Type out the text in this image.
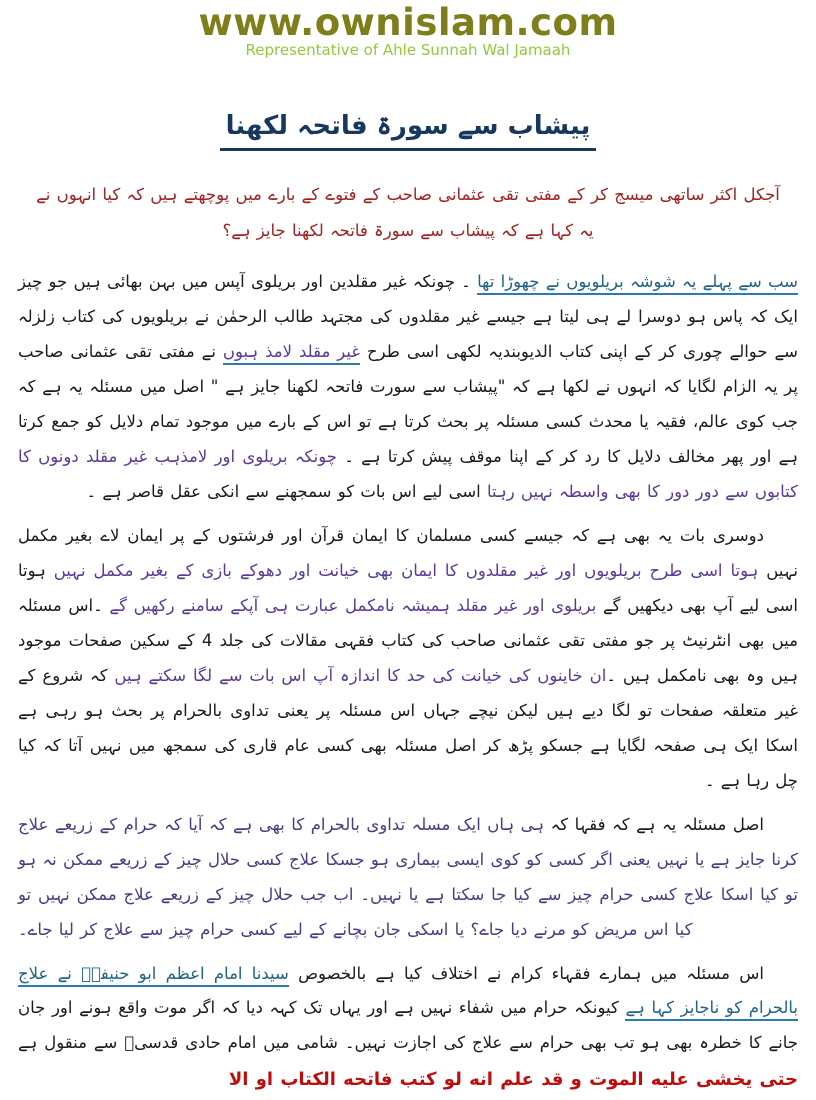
www.ownislam.com
Representative of Ahle Sunnah Wal Jamaah
پیشاب سے سورۃ فاتحہ لکھنا

آجکل اکثر ساتھی میسج کر کے مفتی تقی عثمانی صاحب کے فتوے کے بارے میں پوچھتے ہیں کہ کیا انہوں نے یہ کہا ہے کہ پیشاب سے سورۃ فاتحہ لکھنا جایز ہے؟

سب سے پہلے یہ شوشہ بریلویوں نے چھوڑا تھا ۔ چونکہ غیر مقلدین اور بریلوی آپس میں بہن بھائی ہیں جو چیز ایک کہ پاس ہو دوسرا لے ہی لیتا ہے جیسے غیر مقلدوں کی مجتہد طالب الرحمٰن نے بریلویوں کی کتاب زلزلہ سے حوالے چوری کر کے اپنی کتاب الدیوبندیہ لکھی اسی طرح غیر مقلد لامذ ہبوں نے مفتی تقی عثمانی صاحب پر یہ الزام لگایا کہ انہوں نے لکھا ہے کہ "پیشاب سے سورت فاتحہ لکھنا جایز ہے " اصل میں مسئلہ یہ ہے کہ جب کوی عالم، فقیہ یا محدث کسی مسئلہ پر بحث کرتا ہے تو اس کے بارے میں موجود تمام دلایل کو جمع کرتا ہے اور پھر مخالف دلایل کا رد کر کے اپنا موقف پیش کرتا ہے ۔ چونکہ بریلوی اور لامذہب غیر مقلد دونوں کا کتابوں سے دور دور کا بھی واسطہ نہیں رہتا اسی لیے اس بات کو سمجھنے سے انکی عقل قاصر ہے ۔

دوسری بات یہ بھی ہے کہ جیسے کسی مسلمان کا ایمان قرآن اور فرشتوں کے پر ایمان لاے بغیر مکمل نہیں ہوتا اسی طرح بریلویوں اور غیر مقلدوں کا ایمان بھی خیانت اور دھوکے بازی کے بغیر مکمل نہیں ہوتا اسی لیے آپ بھی دیکھیں گے بریلوی اور غیر مقلد ہمیشہ نامکمل عبارت ہی آپکے سامنے رکھیں گے ۔اس مسئلہ میں بھی انٹرنیٹ پر جو مفتی تقی عثمانی صاحب کی کتاب فقہی مقالات کی جلد 4 کے سکین صفحات موجود ہیں وہ بھی نامکمل ہیں ۔ان خاینوں کی خیانت کی حد کا اندازہ آپ اس بات سے لگا سکتے ہیں کہ شروع کے غیر متعلقہ صفحات تو لگا دیے ہیں لیکن نیچے جہاں اس مسئلہ پر یعنی تداوی بالحرام پر بحث ہو رہی ہے اسکا ایک ہی صفحہ لگایا ہے جسکو پڑھ کر اصل مسئلہ بھی کسی عام قاری کی سمجھ میں نہیں آتا کہ کیا چل رہا ہے ۔

اصل مسئلہ یہ ہے کہ فقہا کہ ہی ہاں ایک مسلہ تداوی بالحرام کا بھی ہے کہ آیا کہ حرام کے زریعے علاج کرنا جایز ہے یا نہیں یعنی اگر کسی کو کوی ایسی بیماری ہو جسکا علاج کسی حلال چیز کے زریعے ممکن نہ ہو تو کیا اسکا علاج کسی حرام چیز سے کیا جا سکتا ہے یا نہیں۔ اب جب حلال چیز کے زریعے علاج ممکن نہیں تو کیا اس مریض کو مرنے دیا جاے؟ یا اسکی جان بچانے کے لیے کسی حرام چیز سے علاج کر لیا جاے۔

اس مسئلہ میں ہمارے فقہاء کرام نے اختلاف کیا ہے بالخصوص سیدنا امام اعظم ابو حنیفہؒ نے علاج بالحرام کو ناجایز کہا ہے کیونکہ حرام میں شفاء نہیں ہے اور یہاں تک کہہ دیا کہ اگر موت واقع ہونے اور جان جانے کا خطرہ بھی ہو تب بھی حرام سے علاج کی اجازت نہیں۔ شامی میں امام حادی قدسیؒ سے منقول ہے حتی یخشی علیه الموت و قد علم انه لو کتب فاتحه الکتاب او الا
